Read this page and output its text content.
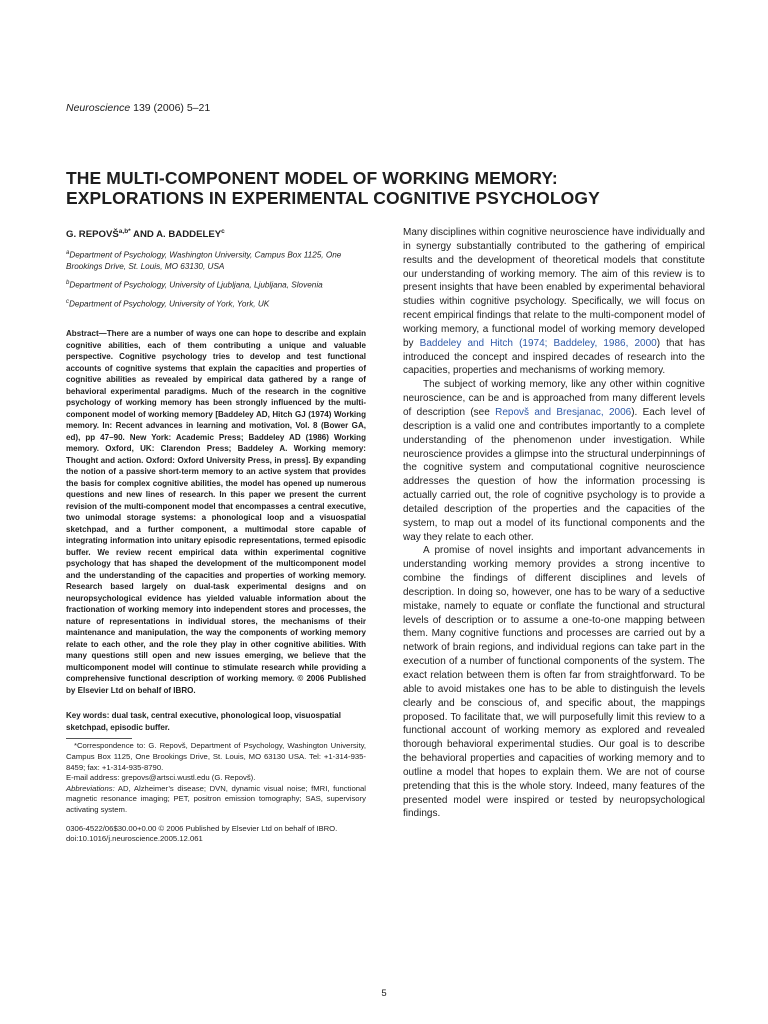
Neuroscience 139 (2006) 5–21
THE MULTI-COMPONENT MODEL OF WORKING MEMORY:
EXPLORATIONS IN EXPERIMENTAL COGNITIVE PSYCHOLOGY

G. $REPOVŠ^{a,b*}$ AND A. BADDELEY$^c$

$^a$Department of Psychology, Washington University, Campus Box 1125, One Brookings Drive, St. Louis, MO 63130, USA

$^b$Department of Psychology, University of Ljubljana, Ljubljana, Slovenia

$^c$Department of Psychology, University of York, York, UK

Abstract—There are a number of ways one can hope to describe and explain cognitive abilities, each of them contributing a unique and valuable perspective. Cognitive psychology tries to develop and test functional accounts of cognitive systems that explain the capacities and properties of cognitive abilities as revealed by empirical data gathered by a range of behavioral experimental paradigms. Much of the research in the cognitive psychology of working memory has been strongly influenced by the multi-component model of working memory [Baddeley AD, Hitch GJ (1974) Working memory. In: Recent advances in learning and motivation, Vol. 8 (Bower GA, ed), pp 47–90. New York: Academic Press; Baddeley AD (1986) Working memory. Oxford, UK: Clarendon Press; Baddeley A. Working memory: Thought and action. Oxford: Oxford University Press, in press]. By expanding the notion of a passive short-term memory to an active system that provides the basis for complex cognitive abilities, the model has opened up numerous questions and new lines of research. In this paper we present the current revision of the multi-component model that encompasses a central executive, two unimodal storage systems: a phonological loop and a visuospatial sketchpad, and a further component, a multimodal store capable of integrating information into unitary episodic representations, termed episodic buffer. We review recent empirical data within experimental cognitive psychology that has shaped the development of the multicomponent model and the understanding of the capacities and properties of working memory. Research based largely on dual-task experimental designs and on neuropsychological evidence has yielded valuable information about the fractionation of working memory into independent stores and processes, the nature of representations in individual stores, the mechanisms of their maintenance and manipulation, the way the components of working memory relate to each other, and the role they play in other cognitive abilities. With many questions still open and new issues emerging, we believe that the multicomponent model will continue to stimulate research while providing a comprehensive functional description of working memory. © 2006 Published by Elsevier Ltd on behalf of IBRO.

Key words: dual task, central executive, phonological loop, visuospatial sketchpad, episodic buffer.

*Correspondence to: G. Repovš, Department of Psychology, Washington University, Campus Box 1125, One Brookings Drive, St. Louis, MO 63130 USA. Tel: +1-314-935-8459; fax: +1-314-935-8790.

E-mail address: grepovs@artsci.wustl.edu (G. Repovš).

Abbreviations: AD, Alzheimer’s disease; DVN, dynamic visual noise; fMRI, functional magnetic resonance imaging; PET, positron emission tomography; SAS, supervisory activating system.

0306-4522/06$30.00+0.00 © 2006 Published by Elsevier Ltd on behalf of IBRO.
doi:10.1016/j.neuroscience.2005.12.061

Many disciplines within cognitive neuroscience have individually and in synergy substantially contributed to the gathering of empirical results and the development of theoretical models that constitute our understanding of working memory. The aim of this review is to present insights that have been enabled by experimental behavioral studies within cognitive psychology. Specifically, we will focus on recent empirical findings that relate to the multi-component model of working memory, a functional model of working memory developed by Baddeley and Hitch (1974; Baddeley, 1986, 2000) that has introduced the concept and inspired decades of research into the capacities, properties and mechanisms of working memory.

The subject of working memory, like any other within cognitive neuroscience, can be and is approached from many different levels of description (see Repovš and Bresjanac, 2006). Each level of description is a valid one and contributes importantly to a complete understanding of the phenomenon under investigation. While neuroscience provides a glimpse into the structural underpinnings of the cognitive system and computational cognitive neuroscience addresses the question of how the information processing is actually carried out, the role of cognitive psychology is to provide a detailed description of the properties and the capacities of the system, to map out a model of its functional components and the way they relate to each other.

A promise of novel insights and important advancements in understanding working memory provides a strong incentive to combine the findings of different disciplines and levels of description. In doing so, however, one has to be wary of a seductive mistake, namely to equate or conflate the functional and structural levels of description or to assume a one-to-one mapping between them. Many cognitive functions and processes are carried out by a network of brain regions, and individual regions can take part in the execution of a number of functional components of the system. The exact relation between them is often far from straightforward. To be able to avoid mistakes one has to be able to distinguish the levels clearly and be conscious of, and specific about, the mappings proposed. To facilitate that, we will purposefully limit this review to a functional account of working memory as explored and revealed thorough behavioral experimental studies. Our goal is to describe the behavioral properties and capacities of working memory and to outline a model that hopes to explain them. We are not of course pretending that this is the whole story. Indeed, many features of the presented model were inspired or tested by neuropsychological findings.

5
